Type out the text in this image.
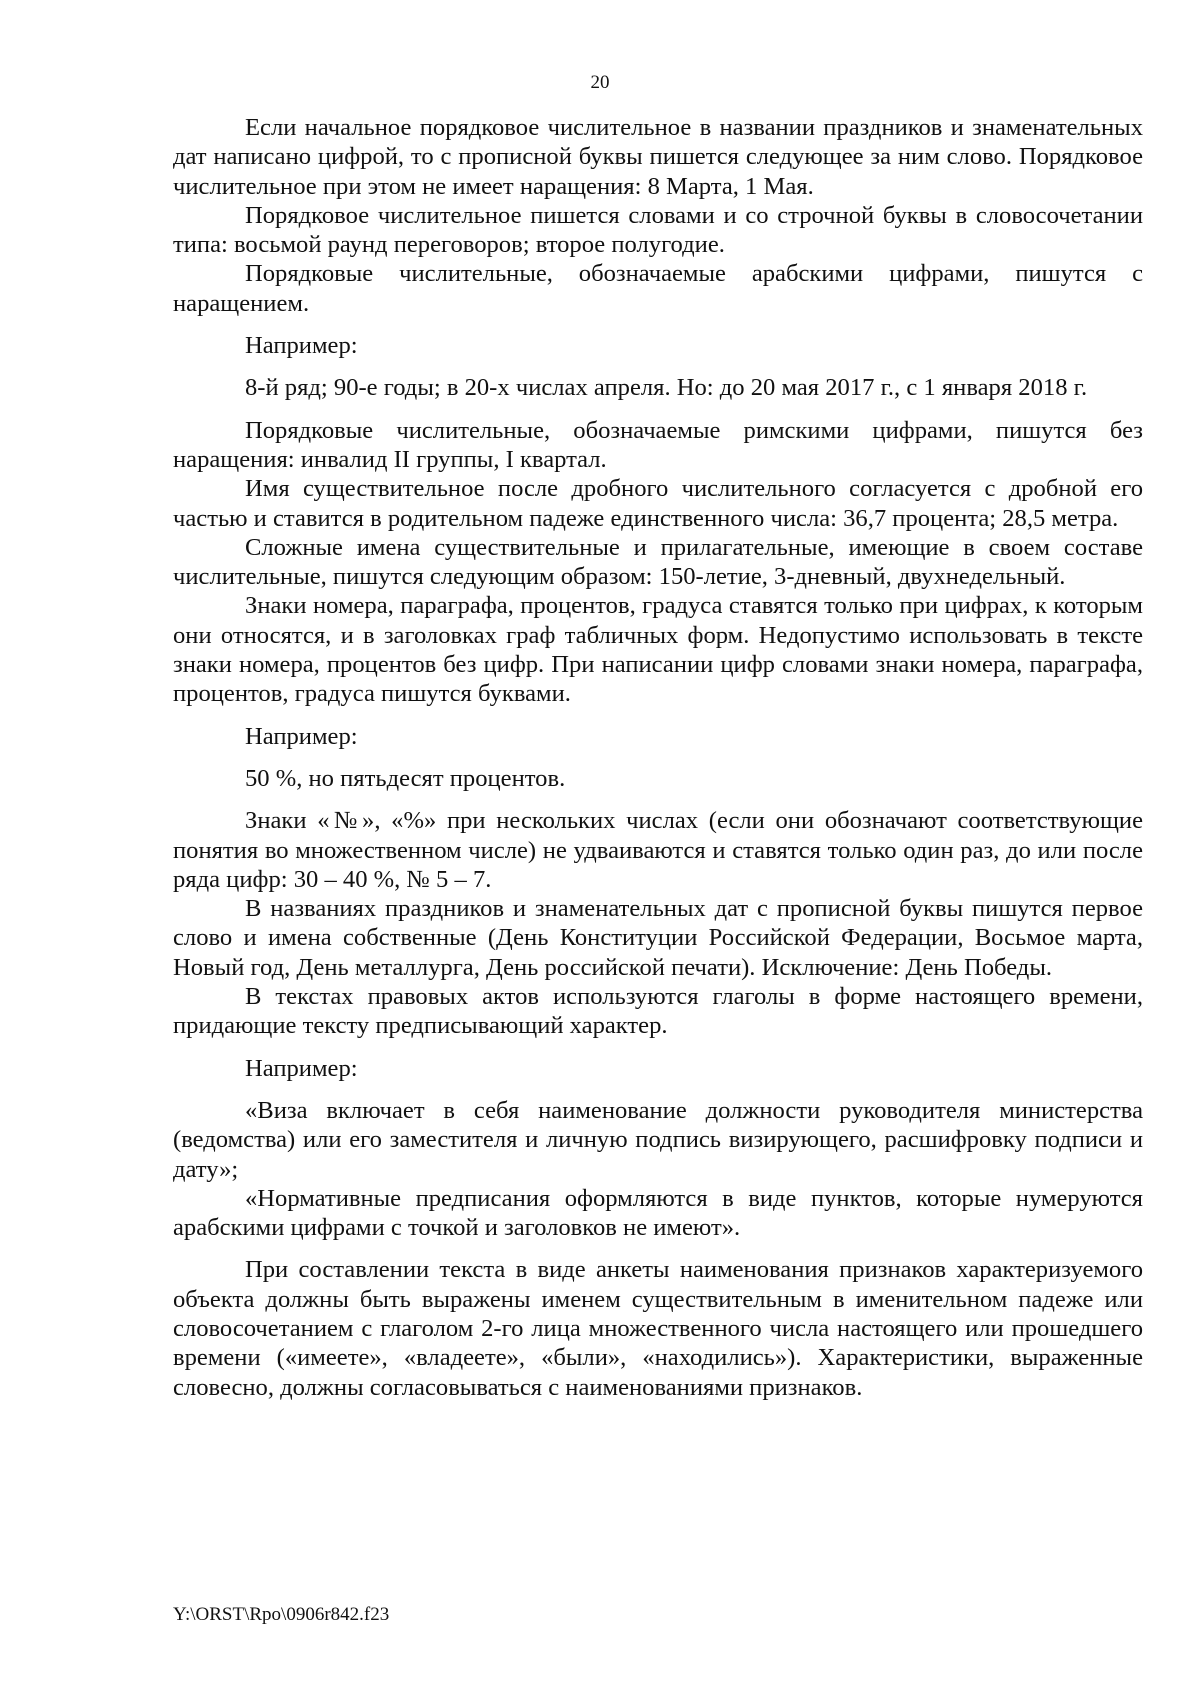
20

Если начальное порядковое числительное в названии праздников и знаменательных дат написано цифрой, то с прописной буквы пишется следующее за ним слово. Порядковое числительное при этом не имеет наращения: 8 Марта, 1 Мая.

Порядковое числительное пишется словами и со строчной буквы в словосочетании типа: восьмой раунд переговоров; второе полугодие.

Порядковые числительные, обозначаемые арабскими цифрами, пишутся с наращением.

Например:

8-й ряд; 90-е годы; в 20-х числах апреля. Но: до 20 мая 2017 г., с 1 января 2018 г.

Порядковые числительные, обозначаемые римскими цифрами, пишутся без наращения: инвалид II группы, I квартал.

Имя существительное после дробного числительного согласуется с дробной его частью и ставится в родительном падеже единственного числа: 36,7 процента; 28,5 метра.

Сложные имена существительные и прилагательные, имеющие в своем составе числительные, пишутся следующим образом: 150-летие, 3-дневный, двухнедельный.

Знаки номера, параграфа, процентов, градуса ставятся только при цифрах, к которым они относятся, и в заголовках граф табличных форм. Недопустимо использовать в тексте знаки номера, процентов без цифр. При написании цифр словами знаки номера, параграфа, процентов, градуса пишутся буквами.

Например:

50 %, но пятьдесят процентов.

Знаки «№», «%» при нескольких числах (если они обозначают соответствующие понятия во множественном числе) не удваиваются и ставятся только один раз, до или после ряда цифр: 30 – 40 %, № 5 – 7.

В названиях праздников и знаменательных дат с прописной буквы пишутся первое слово и имена собственные (День Конституции Российской Федерации, Восьмое марта, Новый год, День металлурга, День российской печати). Исключение: День Победы.

В текстах правовых актов используются глаголы в форме настоящего времени, придающие тексту предписывающий характер.

Например:

«Виза включает в себя наименование должности руководителя министерства (ведомства) или его заместителя и личную подпись визирующего, расшифровку подписи и дату»;

«Нормативные предписания оформляются в виде пунктов, которые нумеруются арабскими цифрами с точкой и заголовков не имеют».

При составлении текста в виде анкеты наименования признаков характеризуемого объекта должны быть выражены именем существительным в именительном падеже или словосочетанием с глаголом 2-го лица множественного числа настоящего или прошедшего времени («имеете», «владеете», «были», «находились»). Характеристики, выраженные словесно, должны согласовываться с наименованиями признаков.

Y:\ORST\Rpo\0906r842.f23
